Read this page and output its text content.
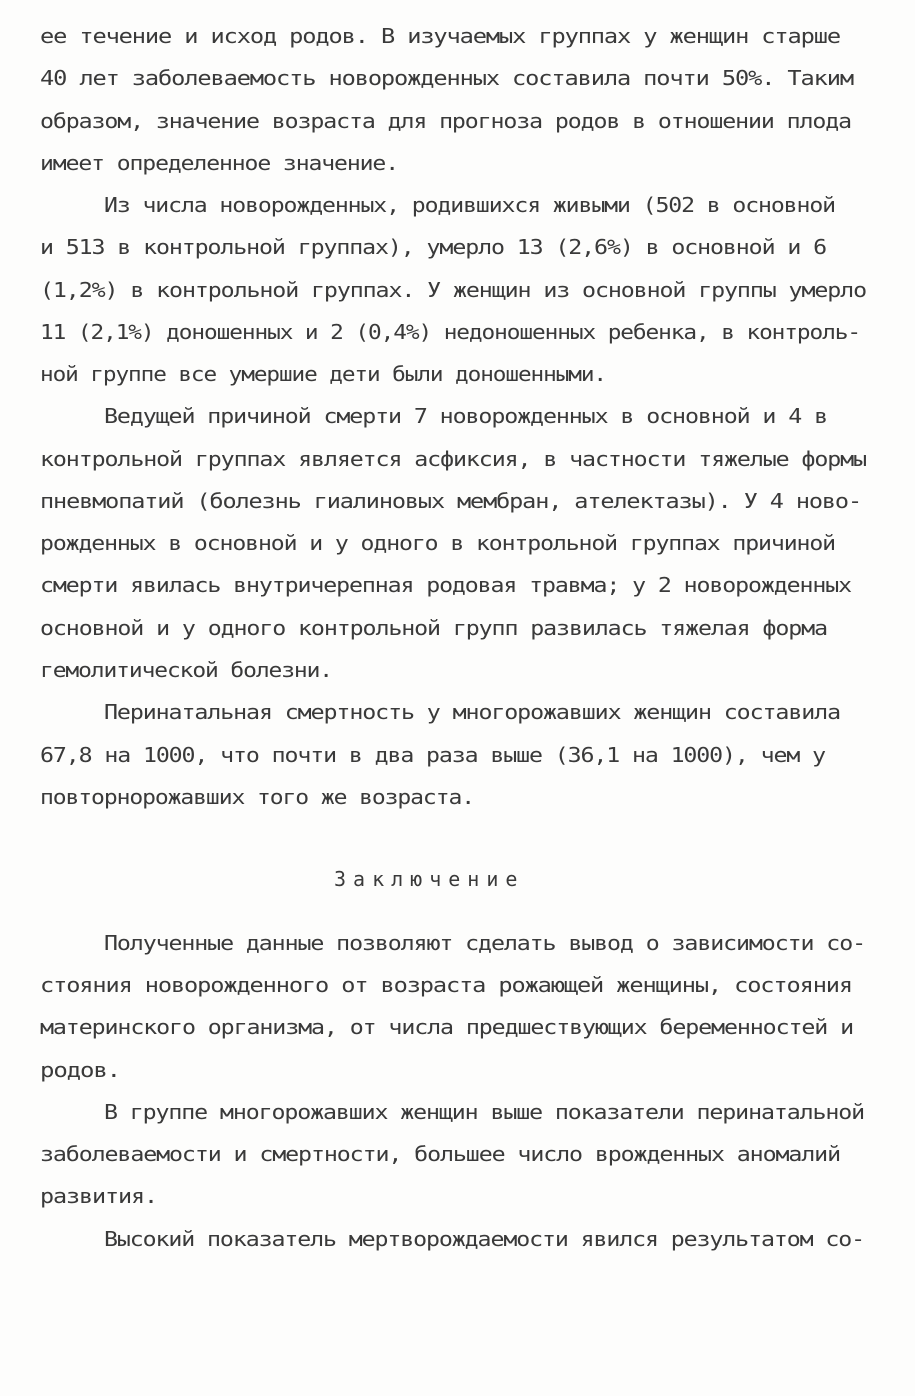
ее течение и исход родов. В изучаемых группах у женщин старше
40 лет заболеваемость новорожденных составила почти 50%. Таким
образом, значение возраста для прогноза родов в отношении плода
имеет определенное значение.
Из числа новорожденных, родившихся живыми (502 в основной
и 513 в контрольной группах), умерло 13 (2,6%) в основной и 6
(1,2%) в контрольной группах. У женщин из основной группы умерло
11 (2,1%) доношенных и 2 (0,4%) недоношенных ребенка, в контроль-
ной группе все умершие дети были доношенными.
Ведущей причиной смерти 7 новорожденных в основной и 4 в
контрольной группах является асфиксия, в частности тяжелые формы
пневмопатий (болезнь гиалиновых мембран, ателектазы). У 4 ново-
рожденных в основной и у одного в контрольной группах причиной
смерти явилась внутричерепная родовая травма; у 2 новорожденных
основной и у одного контрольной групп развилась тяжелая форма
гемолитической болезни.
Перинатальная смертность у многорожавших женщин составила
67,8 на 1000, что почти в два раза выше (36,1 на 1000), чем у
повторнорожавших того же возраста.
Заключение
Полученные данные позволяют сделать вывод о зависимости со-
стояния новорожденного от возраста рожающей женщины, состояния
материнского организма, от числа предшествующих беременностей и
родов.
В группе многорожавших женщин выше показатели перинатальной
заболеваемости и смертности, большее число врожденных аномалий
развития.
Высокий показатель мертворождаемости явился результатом со-
